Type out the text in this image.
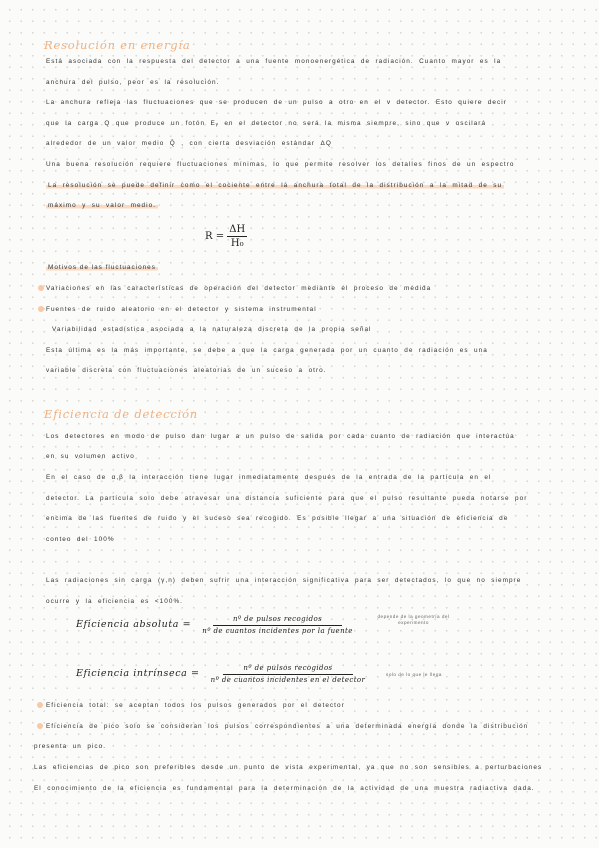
Resolución en energía
Está asociada con la respuesta del detector a una fuente monoenergética de radiación. Cuanto mayor es la
anchura del pulso, peor es la resolución.
La anchura refleja las fluctuaciones que se producen de un pulso a otro en el v detector. Esto quiere decir
que la carga Q que produce un fotón Eᵧ en el detector no será la misma siempre, sino que v oscilará
alrededor de un valor medio Q̄ , con cierta desviación estándar ΔQ
Una buena resolución requiere fluctuaciones mínimas, lo que permite resolver los detalles finos de un espectro
La resolución se puede definir como el cociente entre la anchura total de la distribución a la mitad de su
máximo y su valor medio.
$R = \frac{\Delta H}{\text{H₀}}$
Motivos de las fluctuaciones
Variaciones en las características de operación del detector mediante el proceso de medida
Fuentes de ruido aleatorio en el detector y sistema instrumental
Variabilidad estadística asociada a la naturaleza discreta de la propia señal
Esta última es la más importante, se debe a que la carga generada por un cuanto de radiación es una
variable discreta con fluctuaciones aleatorias de un suceso a otro.
Eficiencia de detección
Los detectores en modo de pulso dan lugar a un pulso de salida por cada cuanto de radiación que interactúa
en su volumen activo
En el caso de α,β la interacción tiene lugar inmediatamente después de la entrada de la partícula en el
detector. La partícula solo debe atravesar una distancia suficiente para que el pulso resultante pueda notarse por
encima de las fuentes de ruido y el suceso sea recogido. Es posible llegar a una situación de eficiencia de
conteo del 100%
Las radiaciones sin carga (γ,n) deben sufrir una interacción significativa para ser detectados, lo que no siempre
ocurre y la eficiencia es <100%.
Eficiencia absoluta = $\frac{\text{nº de pulsos recogidos}}{\text{nº de cuantos incidentes por la fuente}}$	depende de la geometría del experimento
Eficiencia intrínseca = $\frac{\text{nº de pulsos recogidos}}{\text{nº de cuantos incidentes en el detector}}$	solo de lo que le llega
Eficiencia total: se aceptan todos los pulsos generados por el detector
Eficiencia de pico solo se consideran los pulsos correspondientes a una determinada energía donde la distribución
presenta un pico.
Las eficiencias de pico son preferibles desde un punto de vista experimental, ya que no son sensibles a perturbaciones
El conocimiento de la eficiencia es fundamental para la determinación de la actividad de una muestra radiactiva dada.
